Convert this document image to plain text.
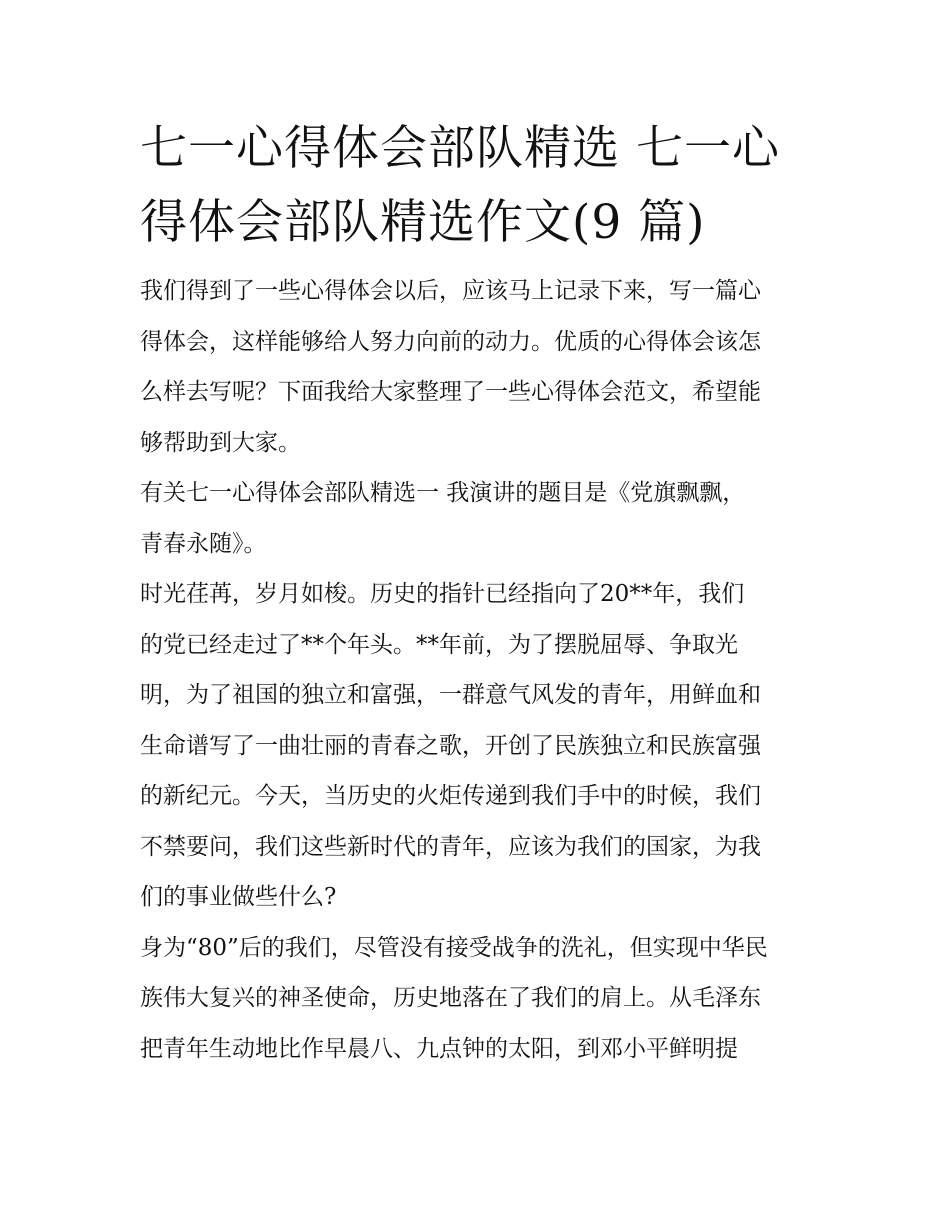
七一心得体会部队精选 七一心
得体会部队精选作文(9 篇)

我们得到了一些心得体会以后，应该马上记录下来，写一篇心
得体会，这样能够给人努力向前的动力。优质的心得体会该怎
么样去写呢？下面我给大家整理了一些心得体会范文，希望能
够帮助到大家。

有关七一心得体会部队精选一 我演讲的题目是《党旗飘飘，
青春永随》。

时光荏苒，岁月如梭。历史的指针已经指向了20**年，我们
的党已经走过了**个年头。**年前，为了摆脱屈辱、争取光
明，为了祖国的独立和富强，一群意气风发的青年，用鲜血和
生命谱写了一曲壮丽的青春之歌，开创了民族独立和民族富强
的新纪元。今天，当历史的火炬传递到我们手中的时候，我们
不禁要问，我们这些新时代的青年，应该为我们的国家，为我
们的事业做些什么?

身为“80”后的我们，尽管没有接受战争的洗礼，但实现中华民
族伟大复兴的神圣使命，历史地落在了我们的肩上。从毛泽东
把青年生动地比作早晨八、九点钟的太阳，到邓小平鲜明提
